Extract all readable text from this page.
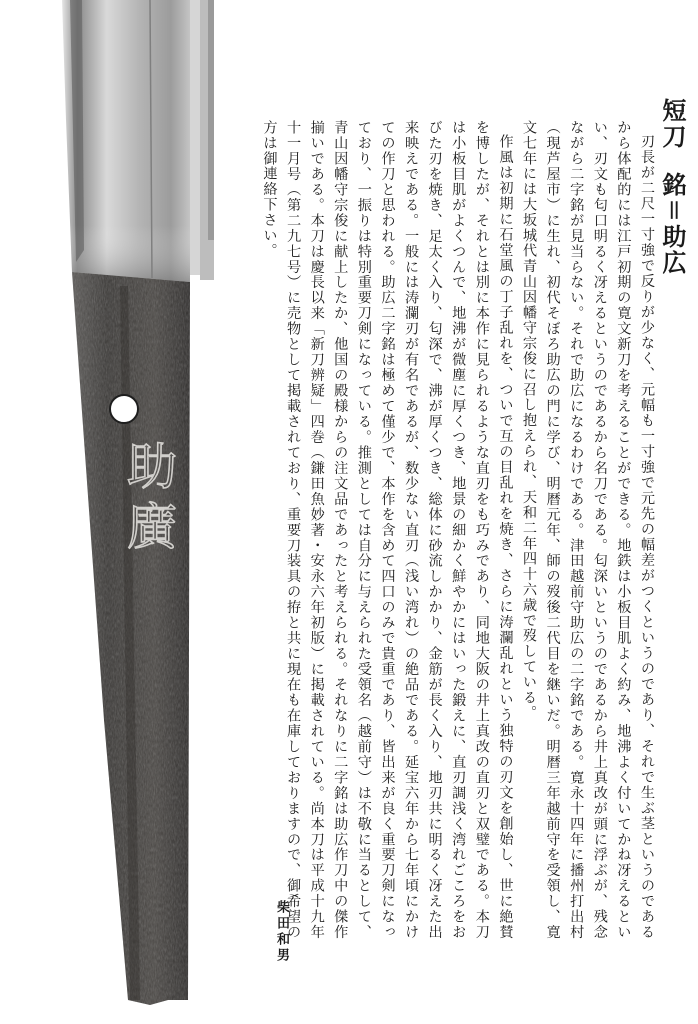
助廣
短刀銘＝助広

刃長が二尺一寸強で反りが少なく、元幅も一寸強で元先の幅差がつくというのであり、それで生ぶ茎というのであるから体配的には江戸初期の寛文新刀を考えることができる。地鉄は小板目肌よく約み、地沸よく付いてかね冴えるといい、刃文も匂口明るく冴えるというのであるから名刀である。匂深いというのであるから井上真改が頭に浮ぶが、残念ながら二字銘が見当らない。それで助広になるわけである。津田越前守助広の二字銘である。寛永十四年に播州打出村（現芦屋市）に生れ、初代そぼろ助広の門に学び、明暦元年、師の歿後二代目を継いだ。明暦三年越前守を受領し、寛文七年には大坂城代青山因幡守宗俊に召し抱えられ、天和二年四十六歳で歿している。

作風は初期に石堂風の丁子乱れを、ついで互の目乱れを焼き、さらに涛瀾乱れという独特の刃文を創始し、世に絶賛を博したが、それとは別に本作に見られるような直刃をも巧みであり、同地大阪の井上真改の直刃と双璧である。本刀は小板目肌がよくつんで、地沸が微塵に厚くつき、地景の細かく鮮やかにはいった鍛えに、直刃調浅く湾れごころをおびた刃を焼き、足太く入り、匂深で、沸が厚くつき、総体に砂流しかかり、金筋が長く入り、地刃共に明るく冴えた出来映えである。一般には涛瀾刃が有名であるが、数少ない直刃（浅い湾れ）の絶品である。延宝六年から七年頃にかけての作刀と思われる。助広二字銘は極めて僅少で、本作を含めて四口のみで貴重であり、皆出来が良く重要刀剣になっており、一振りは特別重要刀剣になっている。推測としては自分に与えられた受領名（越前守）は不敬に当るとして、青山因幡守宗俊に献上したか、他国の殿様からの注文品であったと考えられる。それなりに二字銘は助広作刀中の傑作揃いである。本刀は慶長以来「新刀辨疑」四巻（鎌田魚妙著・安永六年初版）に掲載されている。尚本刀は平成十九年十一月号（第二九七号）に売物として掲載されており、重要刀装具の拵と共に現在も在庫しておりますので、御希望の方は御連絡下さい。

柴田和男
